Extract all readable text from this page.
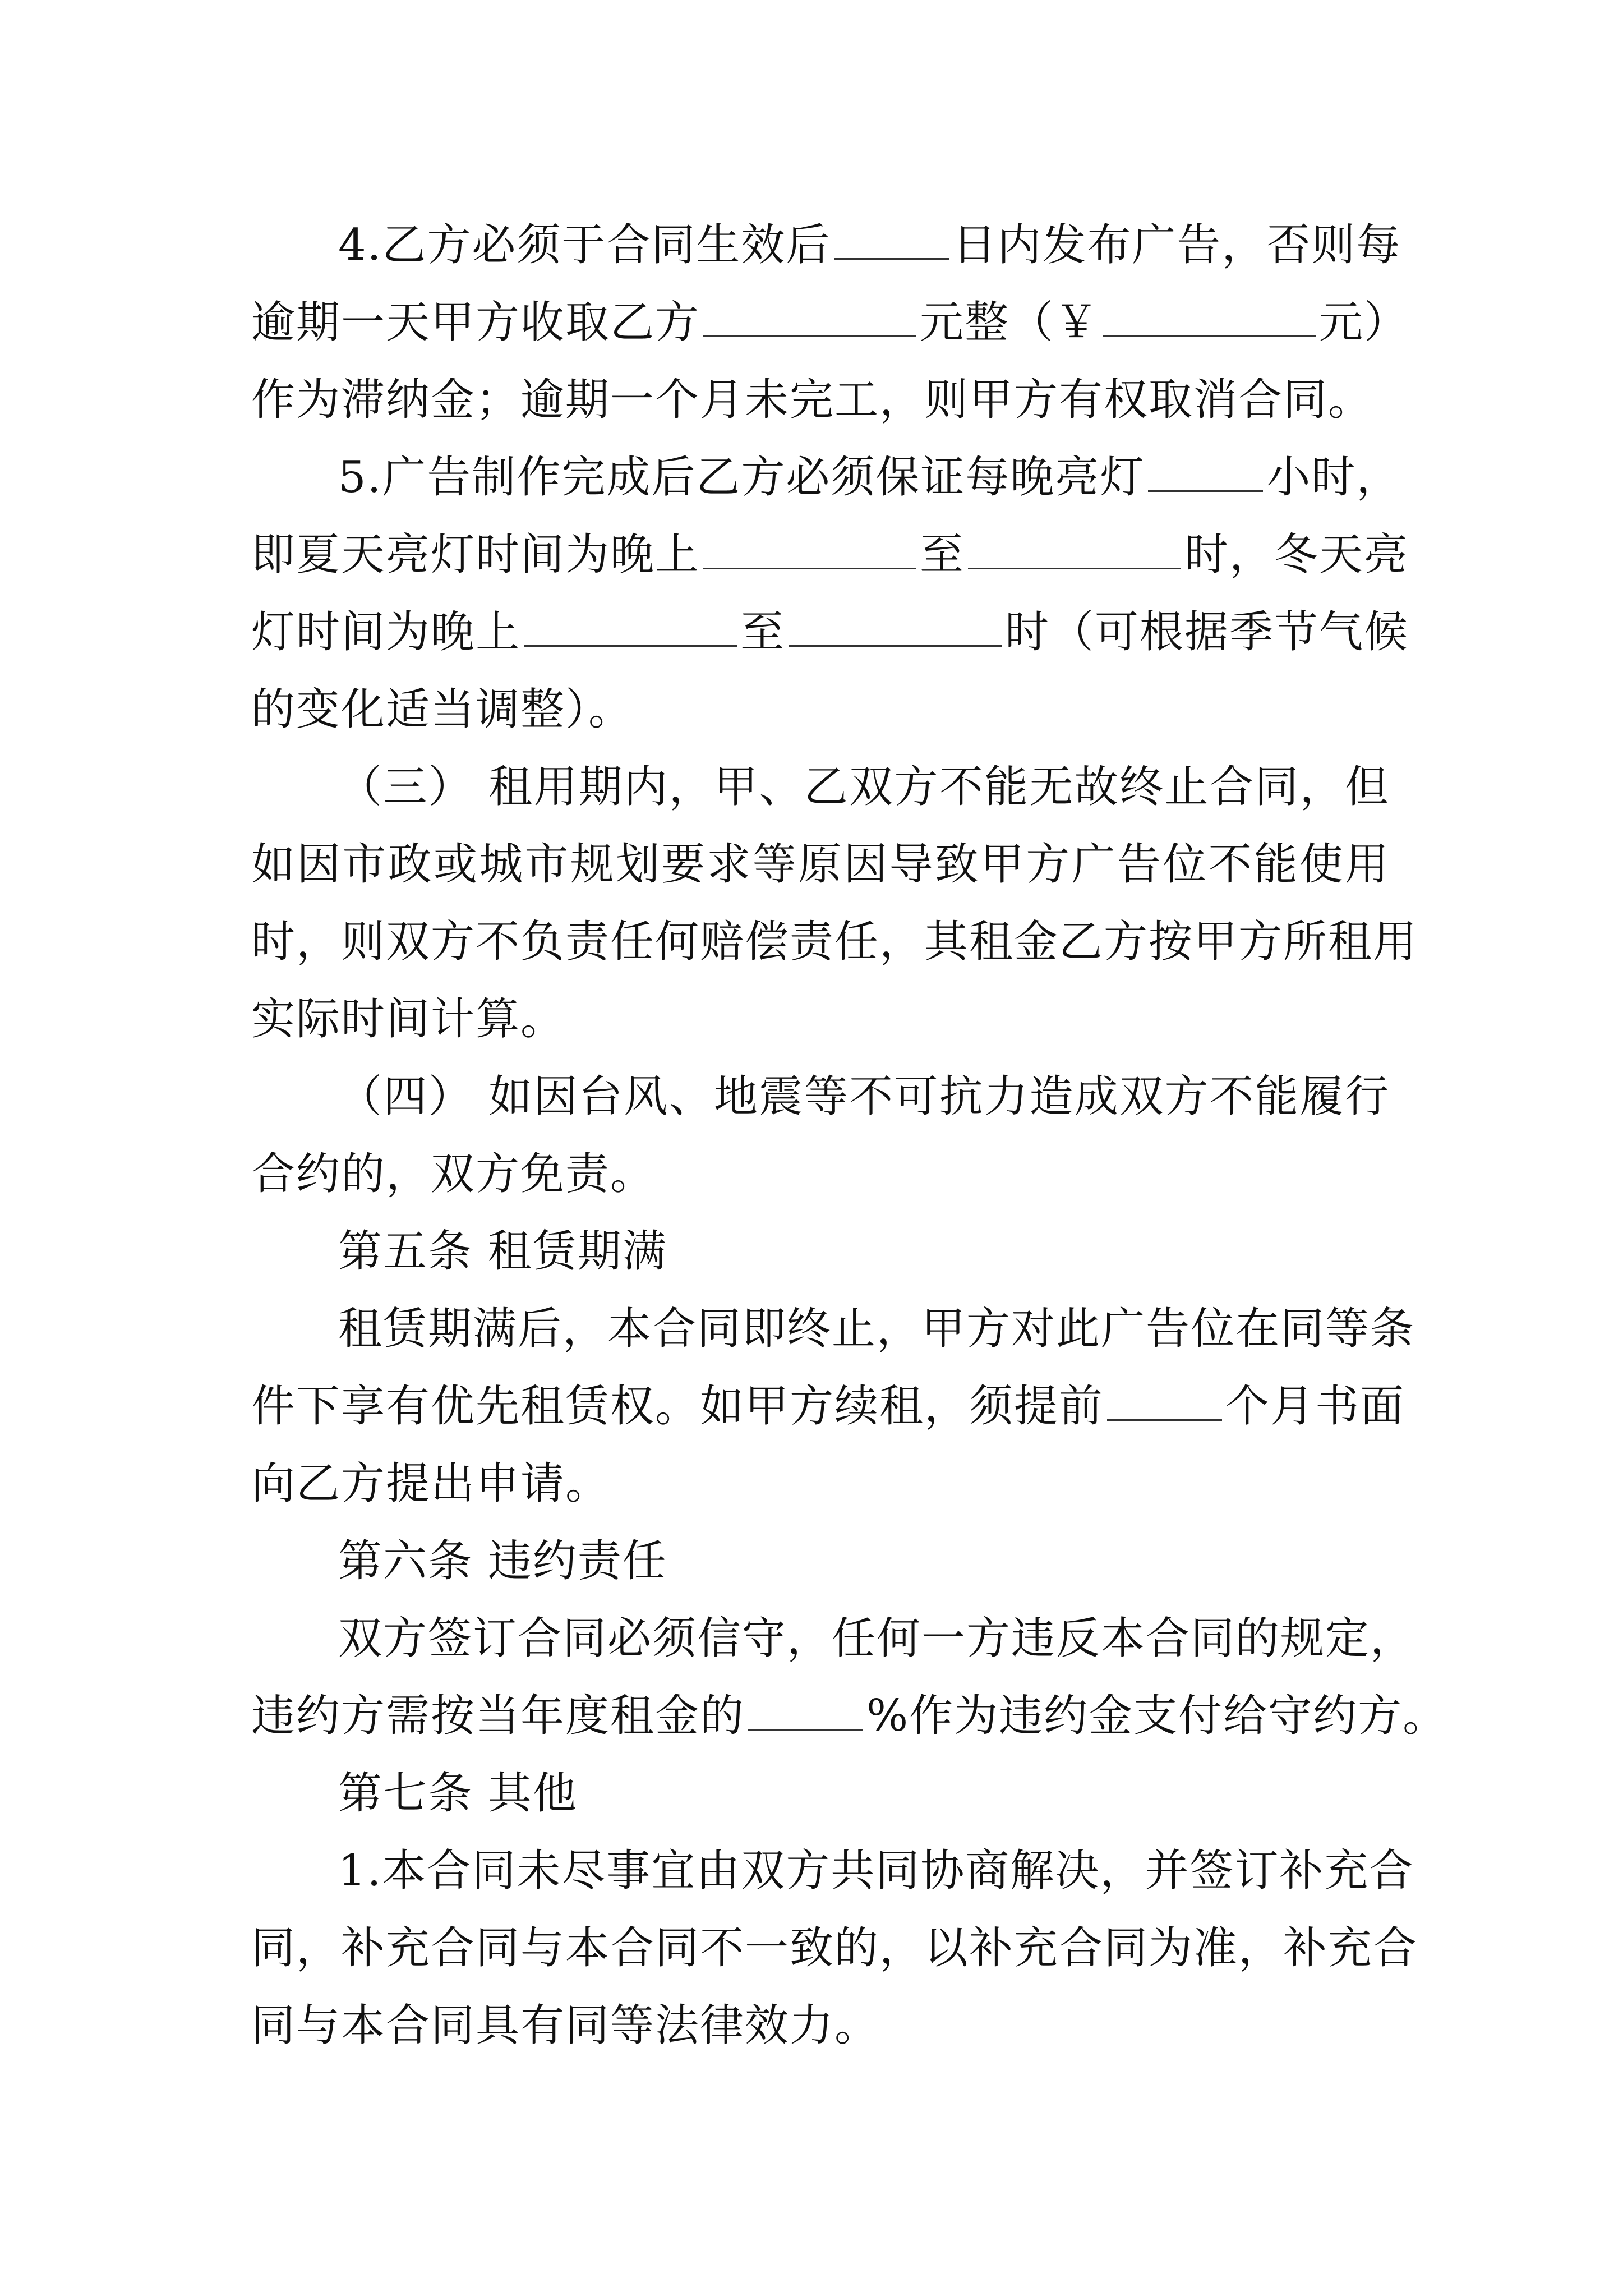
4.乙方必须于合同生效后	日内发布广告，否则每
逾期一天甲方收取乙方	元整（￥	元）
作为滞纳金；逾期一个月未完工，则甲方有权取消合同。
5.广告制作完成后乙方必须保证每晚亮灯	小时，
即夏天亮灯时间为晚上	至	时，冬天亮
灯时间为晚上	至	时（可根据季节气候
的变化适当调整）。
（三） 租用期内，甲、乙双方不能无故终止合同，但
如因市政或城市规划要求等原因导致甲方广告位不能使用
时，则双方不负责任何赔偿责任，其租金乙方按甲方所租用
实际时间计算。
（四） 如因台风、地震等不可抗力造成双方不能履行
合约的，双方免责。
第五条 租赁期满
租赁期满后，本合同即终止，甲方对此广告位在同等条
件下享有优先租赁权。如甲方续租，须提前	个月书面
向乙方提出申请。
第六条 违约责任
双方签订合同必须信守，任何一方违反本合同的规定，
违约方需按当年度租金的	%作为违约金支付给守约方。
第七条 其他
1.本合同未尽事宜由双方共同协商解决，并签订补充合
同，补充合同与本合同不一致的，以补充合同为准，补充合
同与本合同具有同等法律效力。
